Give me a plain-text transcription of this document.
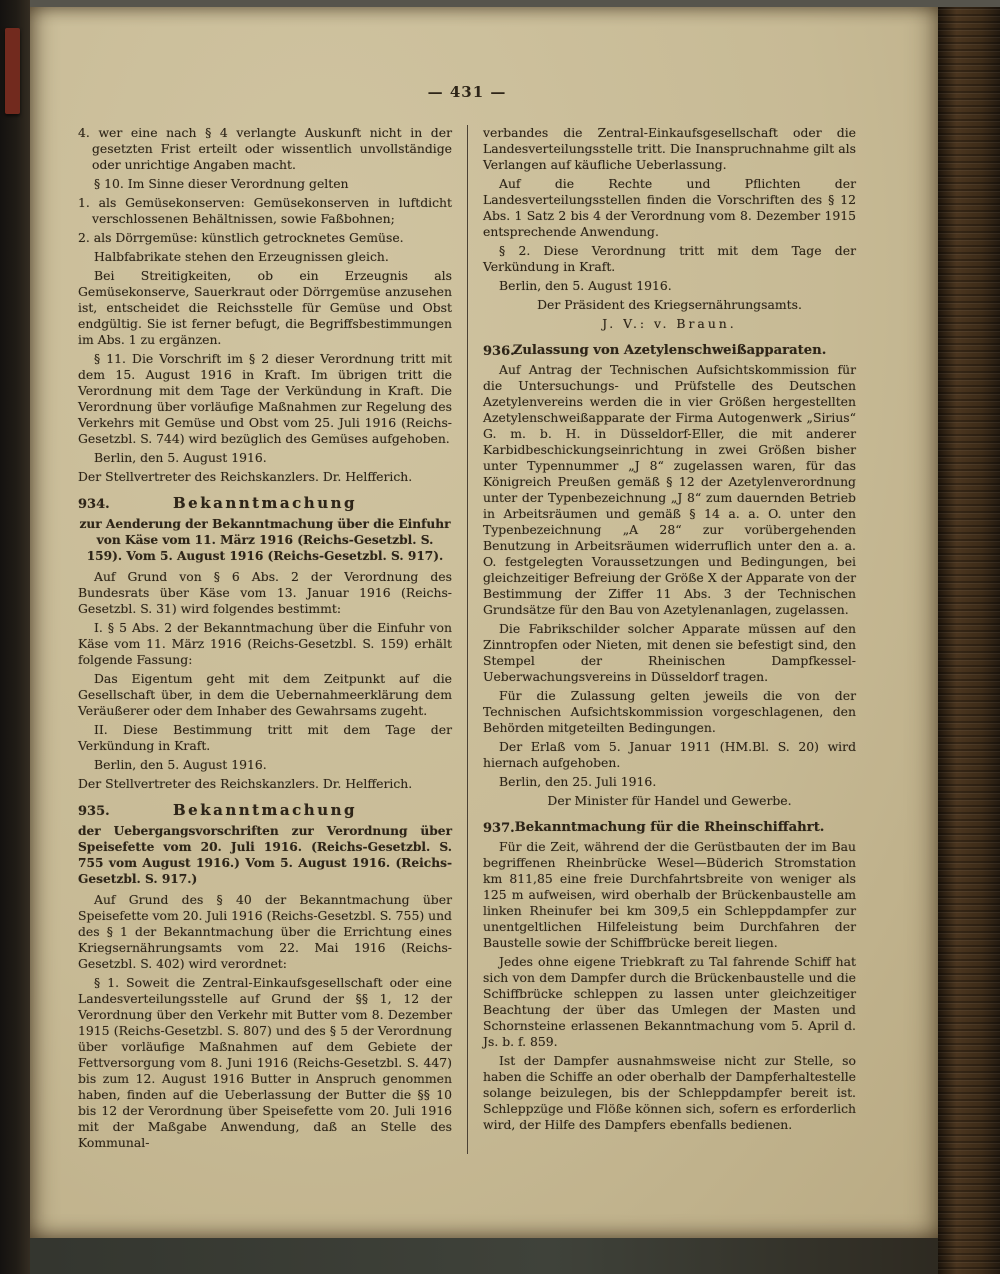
— 431 —

4. wer eine nach § 4 verlangte Auskunft nicht in der gesetzten Frist erteilt oder wissentlich unvollständige oder unrichtige Angaben macht.

§ 10. Im Sinne dieser Verordnung gelten

1. als Gemüsekonserven: Gemüsekonserven in luftdicht verschlossenen Behältnissen, sowie Faßbohnen;

2. als Dörrgemüse: künstlich getrocknetes Gemüse.

Halbfabrikate stehen den Erzeugnissen gleich.

Bei Streitigkeiten, ob ein Erzeugnis als Gemüsekonserve, Sauerkraut oder Dörrgemüse anzusehen ist, entscheidet die Reichsstelle für Gemüse und Obst endgültig. Sie ist ferner befugt, die Begriffsbestimmungen im Abs. 1 zu ergänzen.

§ 11. Die Vorschrift im § 2 dieser Verordnung tritt mit dem 15. August 1916 in Kraft. Im übrigen tritt die Verordnung mit dem Tage der Verkündung in Kraft. Die Verordnung über vorläufige Maßnahmen zur Regelung des Verkehrs mit Gemüse und Obst vom 25. Juli 1916 (Reichs-Gesetzbl. S. 744) wird bezüglich des Gemüses aufgehoben.

Berlin, den 5. August 1916.

Der Stellvertreter des Reichskanzlers. Dr. Helfferich.

934.	Bekanntmachung

zur Aenderung der Bekanntmachung über die Einfuhr von Käse vom 11. März 1916 (Reichs-Gesetzbl. S. 159). Vom 5. August 1916 (Reichs-Gesetzbl. S. 917).

Auf Grund von § 6 Abs. 2 der Verordnung des Bundesrats über Käse vom 13. Januar 1916 (Reichs-Gesetzbl. S. 31) wird folgendes bestimmt:

I. § 5 Abs. 2 der Bekanntmachung über die Einfuhr von Käse vom 11. März 1916 (Reichs-Gesetzbl. S. 159) erhält folgende Fassung:

Das Eigentum geht mit dem Zeitpunkt auf die Gesellschaft über, in dem die Uebernahmeerklärung dem Veräußerer oder dem Inhaber des Gewahrsams zugeht.

II. Diese Bestimmung tritt mit dem Tage der Verkündung in Kraft.

Berlin, den 5. August 1916.

Der Stellvertreter des Reichskanzlers. Dr. Helfferich.

935.	Bekanntmachung

der Uebergangsvorschriften zur Verordnung über Speisefette vom 20. Juli 1916. (Reichs-Gesetzbl. S. 755 vom August 1916.) Vom 5. August 1916. (Reichs-Gesetzbl. S. 917.)

Auf Grund des § 40 der Bekanntmachung über Speisefette vom 20. Juli 1916 (Reichs-Gesetzbl. S. 755) und des § 1 der Bekanntmachung über die Errichtung eines Kriegsernährungsamts vom 22. Mai 1916 (Reichs-Gesetzbl. S. 402) wird verordnet:

§ 1. Soweit die Zentral-Einkaufsgesellschaft oder eine Landesverteilungsstelle auf Grund der §§ 1, 12 der Verordnung über den Verkehr mit Butter vom 8. Dezember 1915 (Reichs-Gesetzbl. S. 807) und des § 5 der Verordnung über vorläufige Maßnahmen auf dem Gebiete der Fettversorgung vom 8. Juni 1916 (Reichs-Gesetzbl. S. 447) bis zum 12. August 1916 Butter in Anspruch genommen haben, finden auf die Ueberlassung der Butter die §§ 10 bis 12 der Verordnung über Speisefette vom 20. Juli 1916 mit der Maßgabe Anwendung, daß an Stelle des Kommunal-

verbandes die Zentral-Einkaufsgesellschaft oder die Landesverteilungsstelle tritt. Die Inanspruchnahme gilt als Verlangen auf käufliche Ueberlassung.

Auf die Rechte und Pflichten der Landesverteilungsstellen finden die Vorschriften des § 12 Abs. 1 Satz 2 bis 4 der Verordnung vom 8. Dezember 1915 entsprechende Anwendung.

§ 2. Diese Verordnung tritt mit dem Tage der Verkündung in Kraft.

Berlin, den 5. August 1916.

Der Präsident des Kriegsernährungsamts.

J. V.: v. Braun.

936.
Zulassung von Azetylenschweißapparaten.

Auf Antrag der Technischen Aufsichtskommission für die Untersuchungs- und Prüfstelle des Deutschen Azetylenvereins werden die in vier Größen hergestellten Azetylenschweißapparate der Firma Autogenwerk „Sirius“ G. m. b. H. in Düsseldorf-Eller, die mit anderer Karbidbeschickungseinrichtung in zwei Größen bisher unter Typennummer „J 8“ zugelassen waren, für das Königreich Preußen gemäß § 12 der Azetylenverordnung unter der Typenbezeichnung „J 8“ zum dauernden Betrieb in Arbeitsräumen und gemäß § 14 a. a. O. unter den Typenbezeichnung „A 28“ zur vorübergehenden Benutzung in Arbeitsräumen widerruflich unter den a. a. O. festgelegten Voraussetzungen und Bedingungen, bei gleichzeitiger Befreiung der Größe X der Apparate von der Bestimmung der Ziffer 11 Abs. 3 der Technischen Grundsätze für den Bau von Azetylenanlagen, zugelassen.

Die Fabrikschilder solcher Apparate müssen auf den Zinntropfen oder Nieten, mit denen sie befestigt sind, den Stempel der Rheinischen Dampfkessel-Ueberwachungsvereins in Düsseldorf tragen.

Für die Zulassung gelten jeweils die von der Technischen Aufsichtskommission vorgeschlagenen, den Behörden mitgeteilten Bedingungen.

Der Erlaß vom 5. Januar 1911 (HM.Bl. S. 20) wird hiernach aufgehoben.

Berlin, den 25. Juli 1916.

Der Minister für Handel und Gewerbe.

937. Bekanntmachung für die Rheinschiffahrt.

Für die Zeit, während der die Gerüstbauten der im Bau begriffenen Rheinbrücke Wesel—Büderich Stromstation km 811,85 eine freie Durchfahrtsbreite von weniger als 125 m aufweisen, wird oberhalb der Brückenbaustelle am linken Rheinufer bei km 309,5 ein Schleppdampfer zur unentgeltlichen Hilfeleistung beim Durchfahren der Baustelle sowie der Schiffbrücke bereit liegen.

Jedes ohne eigene Triebkraft zu Tal fahrende Schiff hat sich von dem Dampfer durch die Brückenbaustelle und die Schiffbrücke schleppen zu lassen unter gleichzeitiger Beachtung der über das Umlegen der Masten und Schornsteine erlassenen Bekanntmachung vom 5. April d. Js. b. f. 859.

Ist der Dampfer ausnahmsweise nicht zur Stelle, so haben die Schiffe an oder oberhalb der Dampferhaltestelle solange beizulegen, bis der Schleppdampfer bereit ist. Schleppzüge und Flöße können sich, sofern es erforderlich wird, der Hilfe des Dampfers ebenfalls bedienen.
